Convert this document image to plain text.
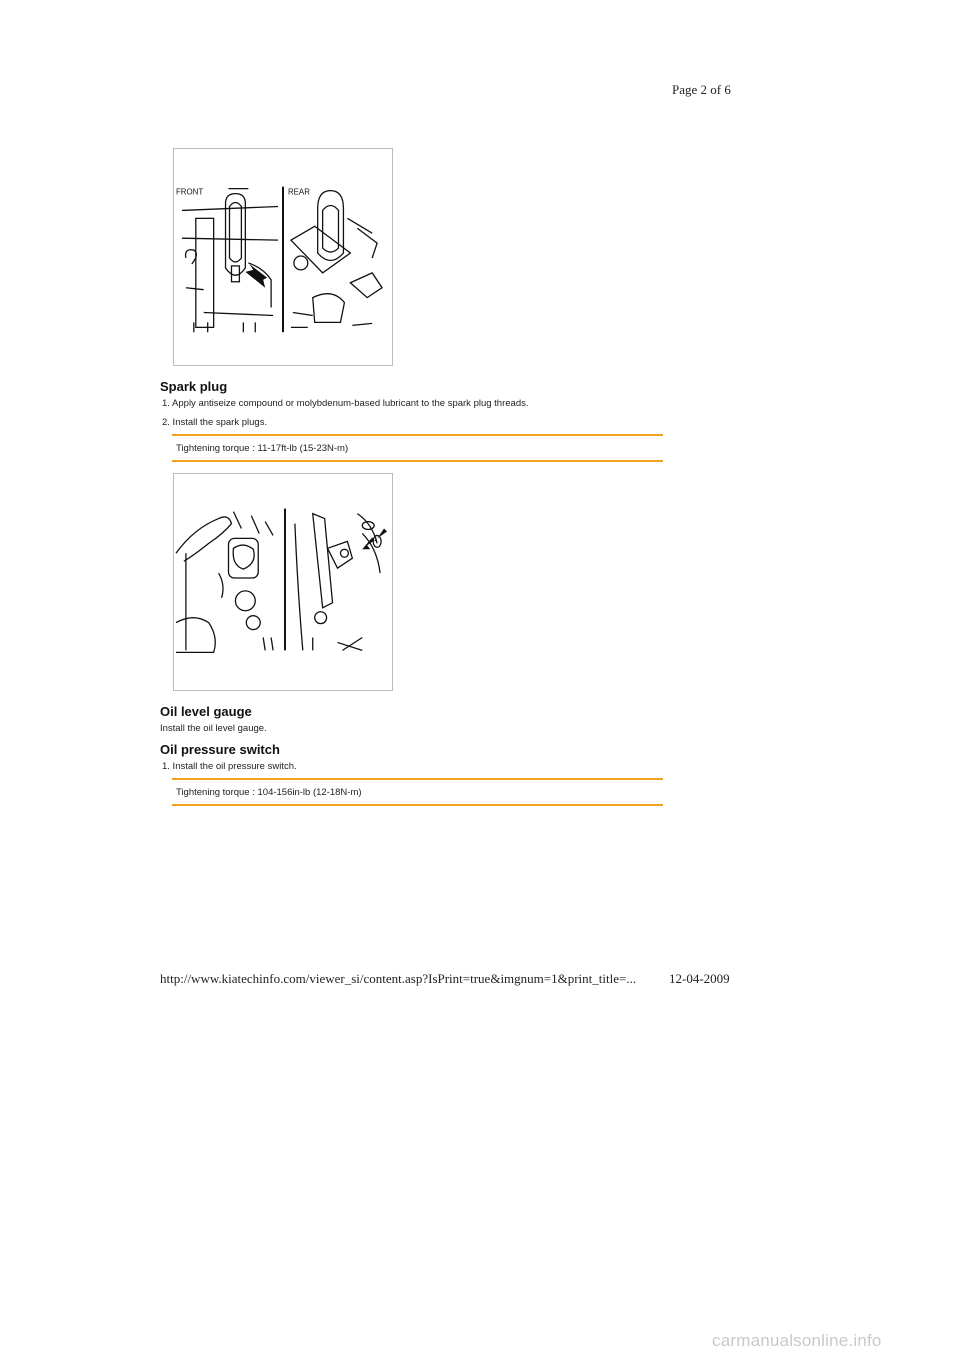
Page 2 of 6
FRONT	REAR
Spark plug
1. Apply antiseize compound or molybdenum-based lubricant to the spark plug threads.
2. Install the spark plugs.
Tightening torque : 11-17ft-lb (15-23N-m)
Oil level gauge
Install the oil level gauge.
Oil pressure switch
1. Install the oil pressure switch.
Tightening torque : 104-156in-lb (12-18N-m)
http://www.kiatechinfo.com/viewer_si/content.asp?IsPrint=true&imgnum=1&print_title=...	12-04-2009
carmanualsonline.info
